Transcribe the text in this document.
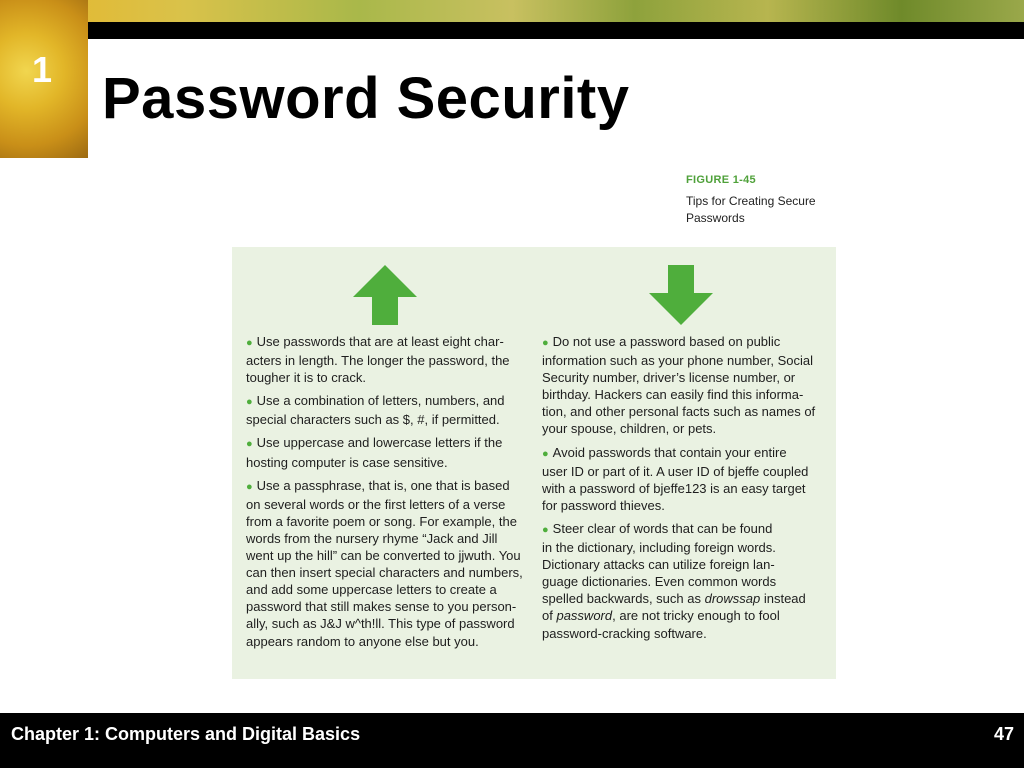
1 Password Security
FIGURE 1-45
Tips for Creating Secure Passwords
● Use passwords that are at least eight char-

acters in length. The longer the password, the
tougher it is to crack.
● Use a combination of letters, numbers, and

special characters such as $, #, if permitted.
● Use uppercase and lowercase letters if the

hosting computer is case sensitive.
● Use a passphrase, that is, one that is based

on several words or the first letters of a verse
from a favorite poem or song. For example, the
words from the nursery rhyme “Jack and Jill
went up the hill” can be converted to jjwuth. You
can then insert special characters and numbers,
and add some uppercase letters to create a
password that still makes sense to you person-
ally, such as J&J w^th!ll. This type of password
appears random to anyone else but you.
● Do not use a password based on public

information such as your phone number, Social
Security number, driver’s license number, or
birthday. Hackers can easily find this informa-
tion, and other personal facts such as names of
your spouse, children, or pets.
● Avoid passwords that contain your entire

user ID or part of it. A user ID of bjeffe coupled
with a password of bjeffe123 is an easy target
for password thieves.
● Steer clear of words that can be found

in the dictionary, including foreign words.
Dictionary attacks can utilize foreign lan-
guage dictionaries. Even common words
spelled backwards, such as drowssap instead
of password, are not tricky enough to fool
password-cracking software.
Chapter 1: Computers and Digital Basics	47
